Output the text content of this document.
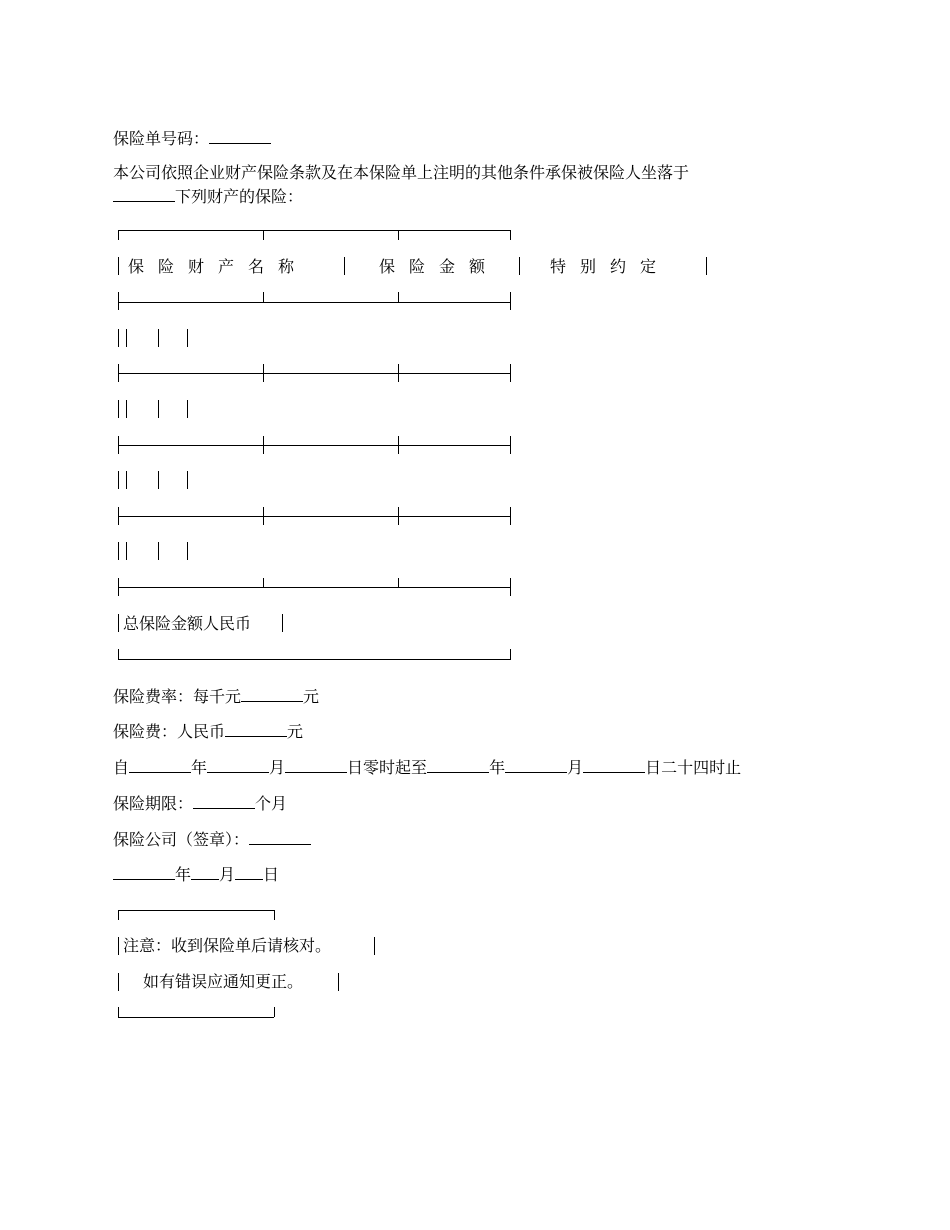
保险单号码：
本公司依照企业财产保险条款及在本保险单上注明的其他条件承保被保险人坐落于
下列财产的保险：
保险财产名称	保险金额	特别约定
总保险金额人民币
保险费率：每千元	元
保险费：人民币	元
自	年	月	日零时起至	年	月	日二十四时止
保险期限：	个月
保险公司（签章）：
年 月 日
注意：收到保险单后请核对。
如有错误应通知更正。
